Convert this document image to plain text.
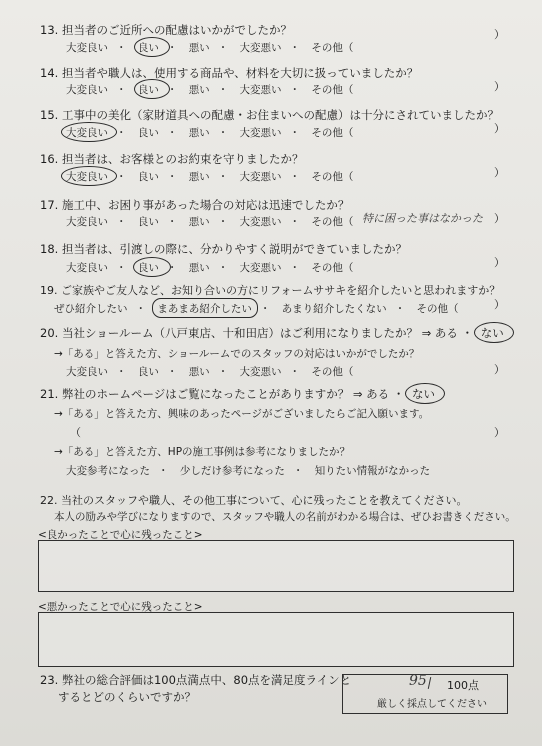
13. 担当者のご近所への配慮はいかがでしたか？
大変良い ・ 良い ・ 悪い ・ 大変悪い ・ その他（
）
14. 担当者や職人は、使用する商品や、材料を大切に扱っていましたか？
大変良い ・ 良い ・ 悪い ・ 大変悪い ・ その他（	）
15. 工事中の美化（家財道具への配慮・お住まいへの配慮）は十分にされていましたか？
大変良い ・ 良い ・ 悪い ・ 大変悪い ・ その他（	）
16. 担当者は、お客様とのお約束を守りましたか？
大変良い ・ 良い ・ 悪い ・ 大変悪い ・ その他（	）
17. 施工中、お困り事があった場合の対応は迅速でしたか？
大変良い ・ 良い ・ 悪い ・ 大変悪い ・ その他（ 特に困った事はなかった ）
18. 担当者は、引渡しの際に、分かりやすく説明ができていましたか？
大変良い ・ 良い ・ 悪い ・ 大変悪い ・ その他（	）
19. ご家族やご友人など、お知り合いの方にリフォームササキを紹介したいと思われますか？
ぜひ紹介したい ・ まあまあ紹介したい ・ あまり紹介したくない ・ その他（	）
20. 当社ショールーム（八戸東店、十和田店）はご利用になりましたか？ ⇒ ある ・ ない
→「ある」と答えた方、ショールームでのスタッフの対応はいかがでしたか？
大変良い ・ 良い ・ 悪い ・ 大変悪い ・ その他（	）
21. 弊社のホームページはご覧になったことがありますか？ ⇒ ある ・ ない
→「ある」と答えた方、興味のあったページがございましたらご記入願います。
（	）
→「ある」と答えた方、HPの施工事例は参考になりましたか？
大変参考になった ・ 少しだけ参考になった ・ 知りたい情報がなかった
22. 当社のスタッフや職人、その他工事について、心に残ったことを教えてください。
本人の励みや学びになりますので、スタッフや職人の名前がわかる場合は、ぜひお書きください。
<良かったことで心に残ったこと>
<悪かったことで心に残ったこと>
23. 弊社の総合評価は100点満点中、80点を満足度ラインと
するとどのくらいですか？
95 100点
厳しく採点してください
